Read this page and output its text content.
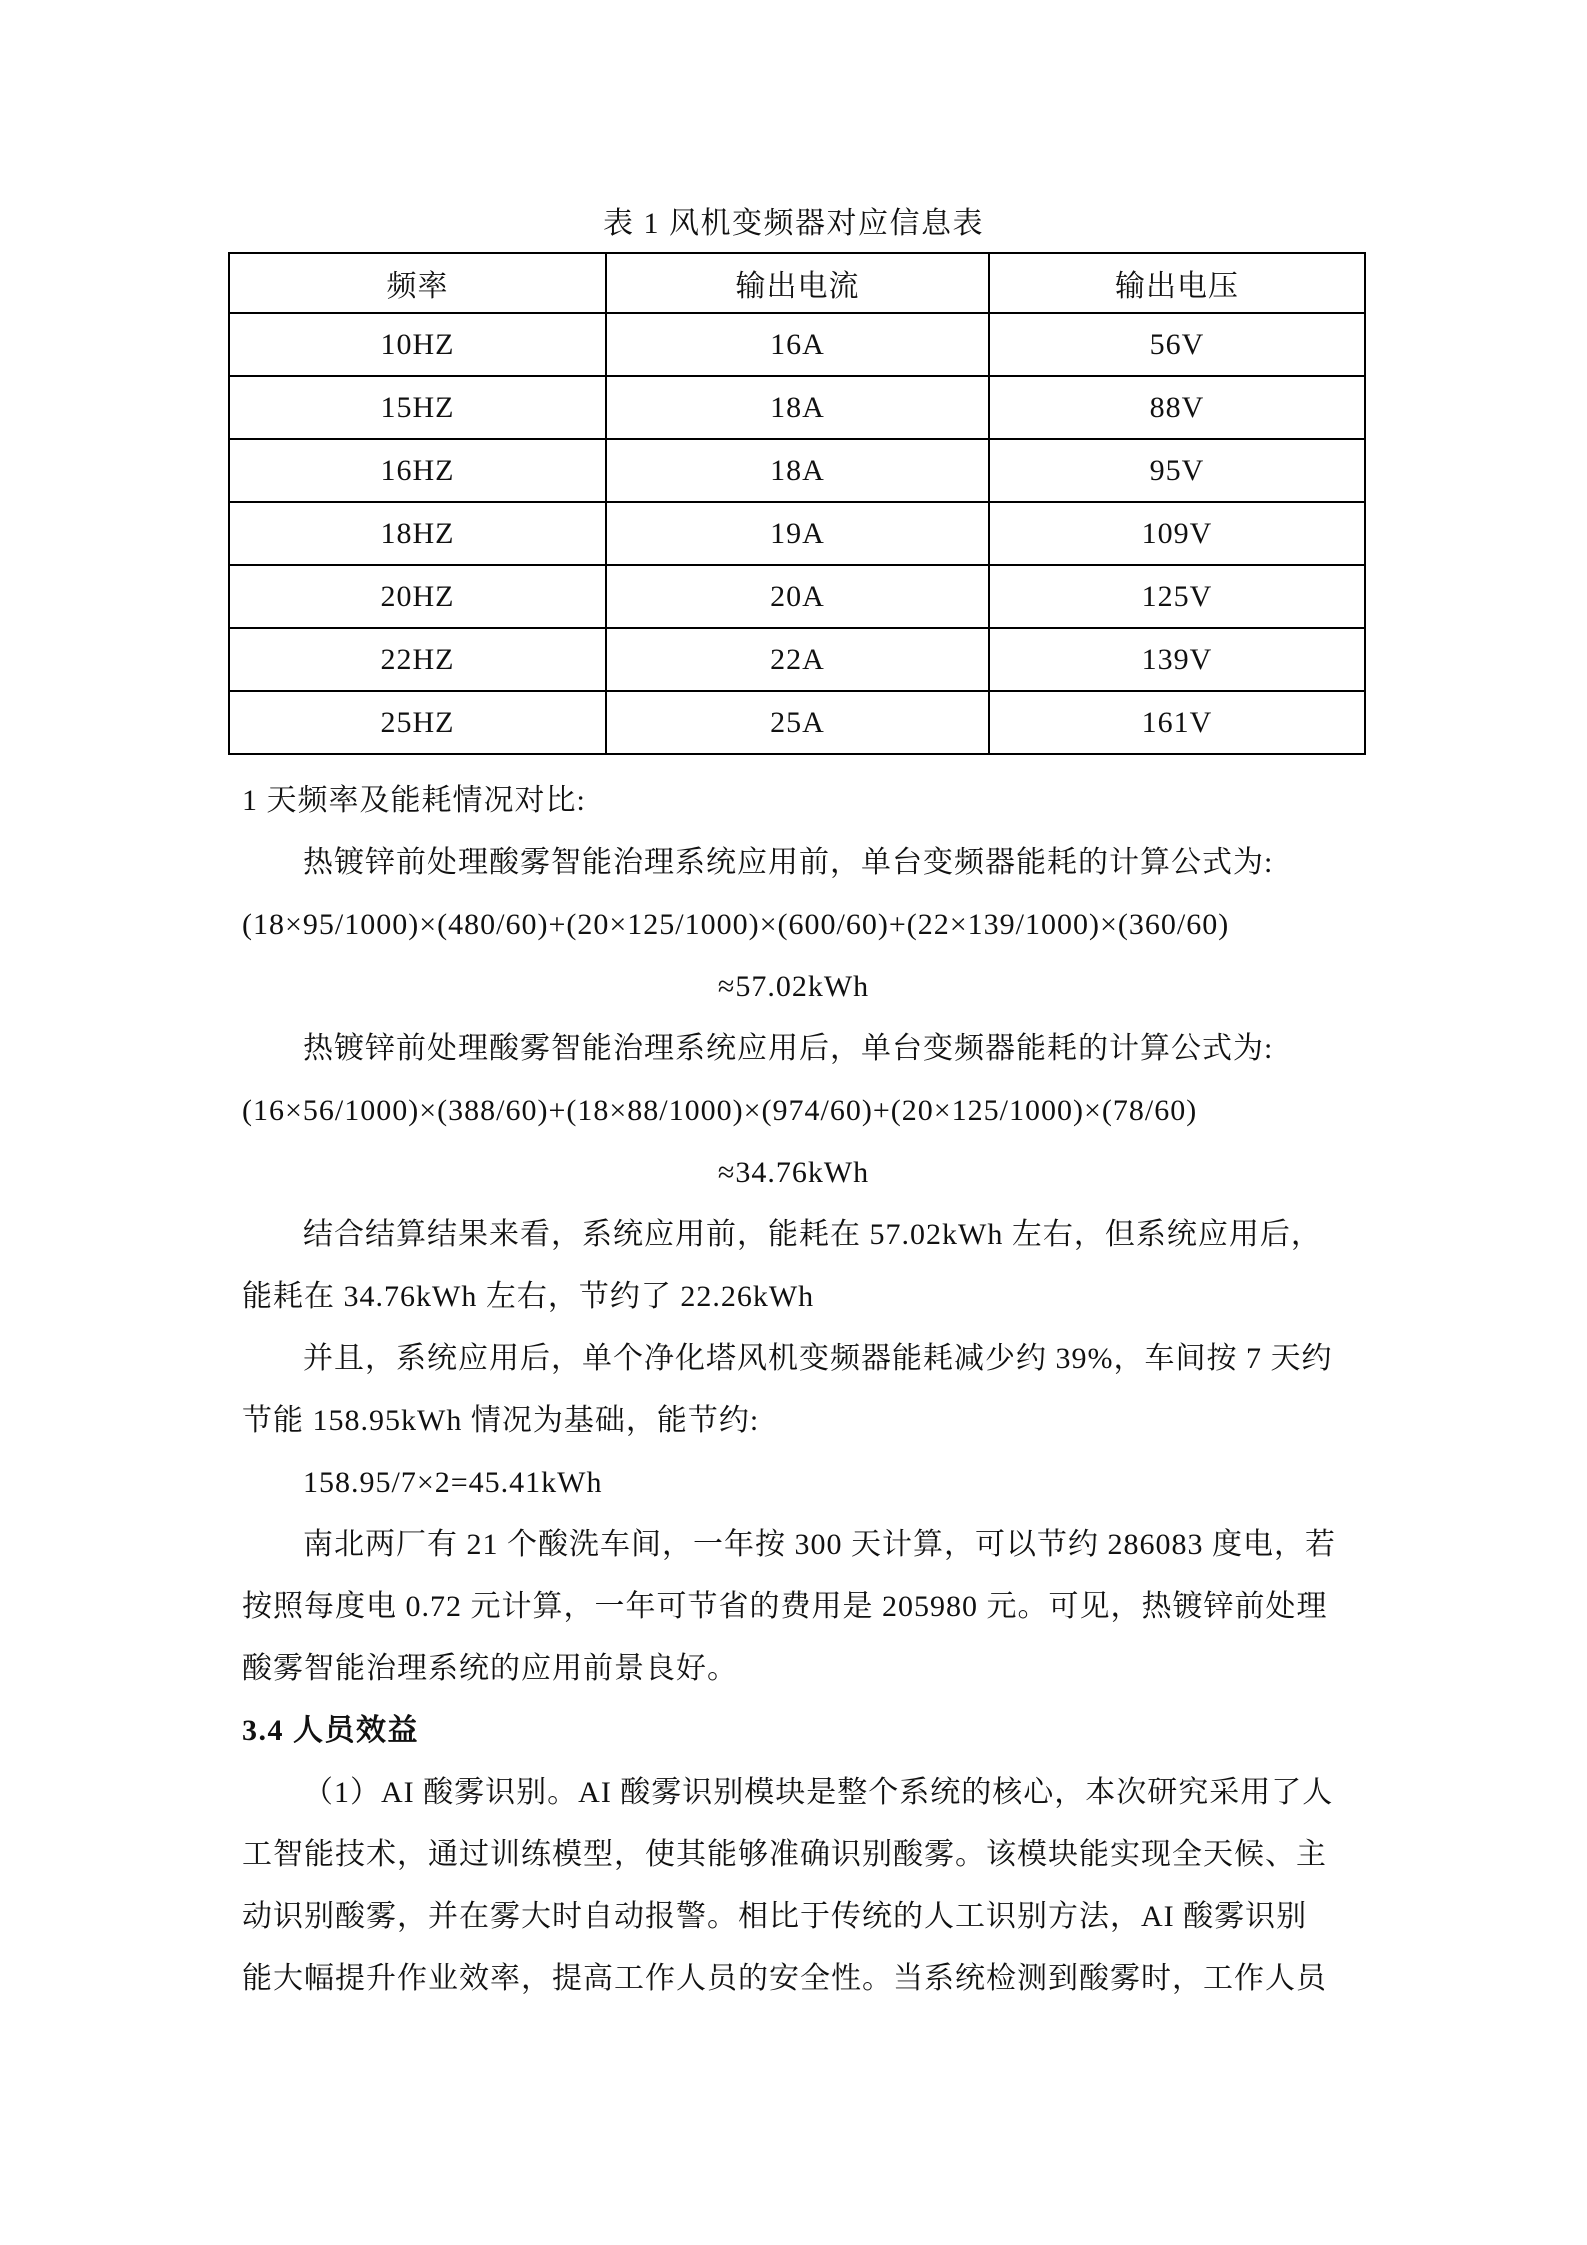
表 1 风机变频器对应信息表
频率	输出电流	输出电压
10HZ	16A	56V
15HZ	18A	88V
16HZ	18A	95V
18HZ	19A	109V
20HZ	20A	125V
22HZ	22A	139V
25HZ	25A	161V
1 天频率及能耗情况对比:
热镀锌前处理酸雾智能治理系统应用前，单台变频器能耗的计算公式为:
(18×95/1000)×(480/60)+(20×125/1000)×(600/60)+(22×139/1000)×(360/60)
≈57.02kWh
热镀锌前处理酸雾智能治理系统应用后，单台变频器能耗的计算公式为:
(16×56/1000)×(388/60)+(18×88/1000)×(974/60)+(20×125/1000)×(78/60)
≈34.76kWh
结合结算结果来看，系统应用前，能耗在 57.02kWh 左右，但系统应用后，
能耗在 34.76kWh 左右，节约了 22.26kWh
并且，系统应用后，单个净化塔风机变频器能耗减少约 39%，车间按 7 天约
节能 158.95kWh 情况为基础，能节约:
158.95/7×2=45.41kWh
南北两厂有 21 个酸洗车间，一年按 300 天计算，可以节约 286083 度电，若
按照每度电 0.72 元计算，一年可节省的费用是 205980 元。可见，热镀锌前处理
酸雾智能治理系统的应用前景良好。
3.4 人员效益
（1）AI 酸雾识别。AI 酸雾识别模块是整个系统的核心，本次研究采用了人
工智能技术，通过训练模型，使其能够准确识别酸雾。该模块能实现全天候、主
动识别酸雾，并在雾大时自动报警。相比于传统的人工识别方法，AI 酸雾识别
能大幅提升作业效率，提高工作人员的安全性。当系统检测到酸雾时，工作人员
